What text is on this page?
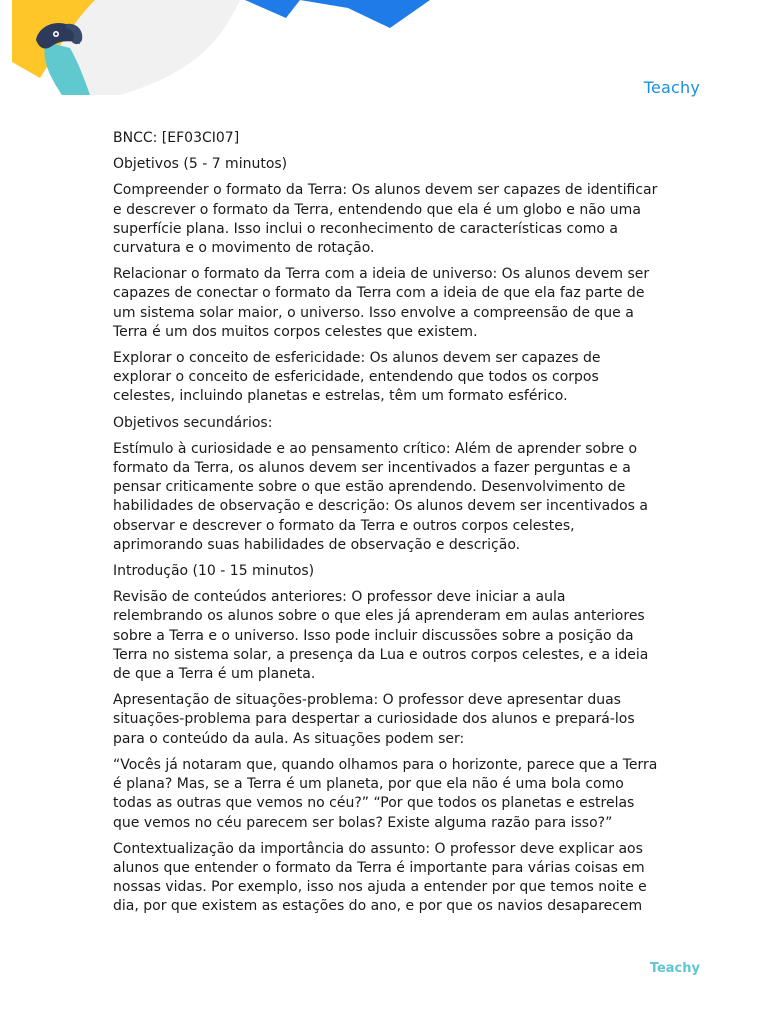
Teachy

BNCC: [EF03CI07]

Objetivos (5 - 7 minutos)

Compreender o formato da Terra: Os alunos devem ser capazes de identificar e descrever o formato da Terra, entendendo que ela é um globo e não uma superfície plana. Isso inclui o reconhecimento de características como a curvatura e o movimento de rotação.

Relacionar o formato da Terra com a ideia de universo: Os alunos devem ser capazes de conectar o formato da Terra com a ideia de que ela faz parte de um sistema solar maior, o universo. Isso envolve a compreensão de que a Terra é um dos muitos corpos celestes que existem.

Explorar o conceito de esfericidade: Os alunos devem ser capazes de explorar o conceito de esfericidade, entendendo que todos os corpos celestes, incluindo planetas e estrelas, têm um formato esférico.

Objetivos secundários:

Estímulo à curiosidade e ao pensamento crítico: Além de aprender sobre o formato da Terra, os alunos devem ser incentivados a fazer perguntas e a pensar criticamente sobre o que estão aprendendo. Desenvolvimento de habilidades de observação e descrição: Os alunos devem ser incentivados a observar e descrever o formato da Terra e outros corpos celestes, aprimorando suas habilidades de observação e descrição.

Introdução (10 - 15 minutos)

Revisão de conteúdos anteriores: O professor deve iniciar a aula relembrando os alunos sobre o que eles já aprenderam em aulas anteriores sobre a Terra e o universo. Isso pode incluir discussões sobre a posição da Terra no sistema solar, a presença da Lua e outros corpos celestes, e a ideia de que a Terra é um planeta.

Apresentação de situações-problema: O professor deve apresentar duas situações-problema para despertar a curiosidade dos alunos e prepará-los para o conteúdo da aula. As situações podem ser:

“Vocês já notaram que, quando olhamos para o horizonte, parece que a Terra é plana? Mas, se a Terra é um planeta, por que ela não é uma bola como todas as outras que vemos no céu?” “Por que todos os planetas e estrelas que vemos no céu parecem ser bolas? Existe alguma razão para isso?”

Contextualização da importância do assunto: O professor deve explicar aos alunos que entender o formato da Terra é importante para várias coisas em nossas vidas. Por exemplo, isso nos ajuda a entender por que temos noite e dia, por que existem as estações do ano, e por que os navios desaparecem

Teachy
